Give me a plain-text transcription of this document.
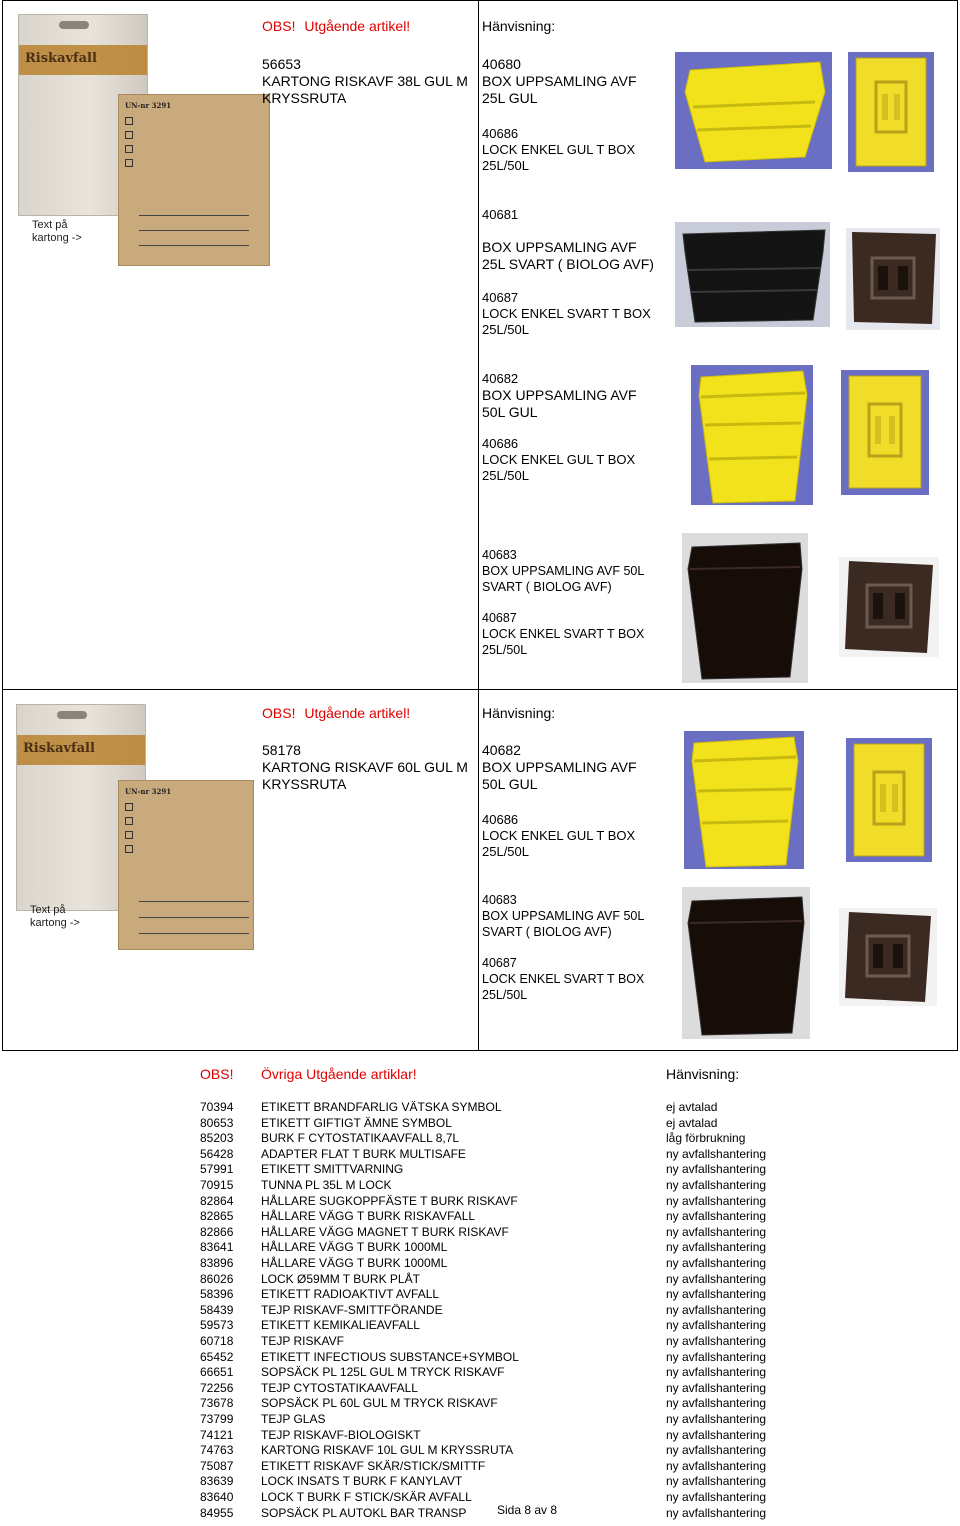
Riskavfall
UN-nr 3291
Text på
kartong ->
OBS! Utgående artikel!	Hänvisning:
56653
KARTONG RISKAVF 38L GUL M
KRYSSRUTA
40680
BOX UPPSAMLING AVF
25L GUL
40686
LOCK ENKEL GUL T BOX
25L/50L
40681
BOX UPPSAMLING AVF
25L SVART ( BIOLOG AVF)
40687
LOCK ENKEL SVART T BOX
25L/50L
40682
BOX UPPSAMLING AVF
50L GUL
40686
LOCK ENKEL GUL T BOX
25L/50L
40683
BOX UPPSAMLING AVF 50L
SVART ( BIOLOG AVF)
40687
LOCK ENKEL SVART T BOX
25L/50L
Riskavfall
UN-nr 3291
Text på
kartong ->
OBS! Utgående artikel!	Hänvisning:
58178
KARTONG RISKAVF 60L GUL M
KRYSSRUTA
40682
BOX UPPSAMLING AVF
50L GUL
40686
LOCK ENKEL GUL T BOX
25L/50L
40683
BOX UPPSAMLING AVF 50L
SVART ( BIOLOG AVF)
40687
LOCK ENKEL SVART T BOX
25L/50L
OBS! Övriga Utgående artiklar!	Hänvisning:
70394 ETIKETT BRANDFARLIG VÄTSKA SYMBOL	ej avtalad
80653 ETIKETT GIFTIGT ÄMNE SYMBOL	ej avtalad
85203 BURK F CYTOSTATIKAAVFALL 8,7L	låg förbrukning
56428 ADAPTER FLAT T BURK MULTISAFE	ny avfallshantering
57991 ETIKETT SMITTVARNING	ny avfallshantering
70915 TUNNA PL 35L M LOCK	ny avfallshantering
82864 HÅLLARE SUGKOPPFÄSTE T BURK RISKAVF	ny avfallshantering
82865 HÅLLARE VÄGG T BURK RISKAVFALL	ny avfallshantering
82866 HÅLLARE VÄGG MAGNET T BURK RISKAVF	ny avfallshantering
83641 HÅLLARE VÄGG T BURK 1000ML	ny avfallshantering
83896 HÅLLARE VÄGG T BURK 1000ML	ny avfallshantering
86026 LOCK Ø59MM T BURK PLÅT	ny avfallshantering
58396 ETIKETT RADIOAKTIVT AVFALL	ny avfallshantering
58439 TEJP RISKAVF-SMITTFÖRANDE	ny avfallshantering
59573 ETIKETT KEMIKALIEAVFALL	ny avfallshantering
60718 TEJP RISKAVF	ny avfallshantering
65452 ETIKETT INFECTIOUS SUBSTANCE+SYMBOL	ny avfallshantering
66651 SOPSÄCK PL 125L GUL M TRYCK RISKAVF	ny avfallshantering
72256 TEJP CYTOSTATIKAAVFALL	ny avfallshantering
73678 SOPSÄCK PL 60L GUL M TRYCK RISKAVF	ny avfallshantering
73799 TEJP GLAS	ny avfallshantering
74121 TEJP RISKAVF-BIOLOGISKT	ny avfallshantering
74763 KARTONG RISKAVF 10L GUL M KRYSSRUTA	ny avfallshantering
75087 ETIKETT RISKAVF SKÄR/STICK/SMITTF	ny avfallshantering
83639 LOCK INSATS T BURK F KANYLAVT	ny avfallshantering
83640 LOCK T BURK F STICK/SKÄR AVFALL	ny avfallshantering
84955 SOPSÄCK PL AUTOKL BAR TRANSP	ny avfallshantering
Sida 8 av 8
